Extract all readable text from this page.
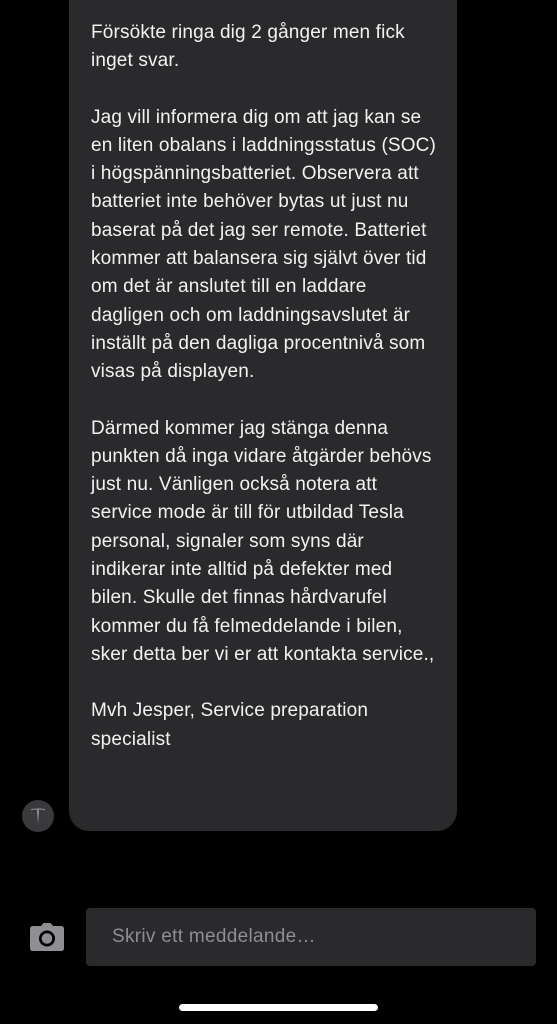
Försökte ringa dig 2 gånger men fick inget svar.

Jag vill informera dig om att jag kan se en liten obalans i laddningsstatus (SOC) i högspänningsbatteriet. Observera att batteriet inte behöver bytas ut just nu baserat på det jag ser remote. Batteriet kommer att balansera sig självt över tid om det är anslutet till en laddare dagligen och om laddningsavslutet är inställt på den dagliga procentnivå som visas på displayen.

Därmed kommer jag stänga denna punkten då inga vidare åtgärder behövs just nu. Vänligen också notera att service mode är till för utbildad Tesla personal, signaler som syns där indikerar inte alltid på defekter med bilen. Skulle det finnas hårdvarufel kommer du få felmeddelande i bilen, sker detta ber vi er att kontakta service.,

Mvh Jesper, Service preparation specialist

Skriv ett meddelande…
